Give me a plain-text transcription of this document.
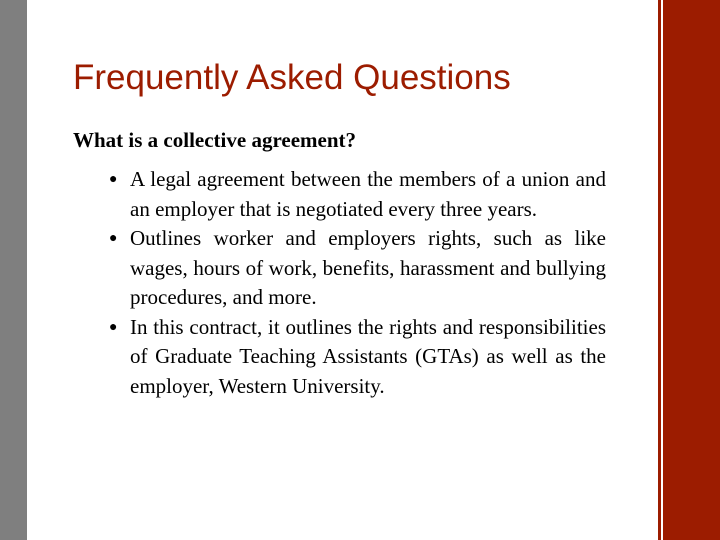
Frequently Asked Questions

What is a collective agreement?

● A legal agreement between the members of a union and an employer that is negotiated every three years.
● Outlines worker and employers rights, such as like wages, hours of work, benefits, harassment and bullying procedures, and more.
● In this contract, it outlines the rights and responsibilities of Graduate Teaching Assistants (GTAs) as well as the employer, Western University.
